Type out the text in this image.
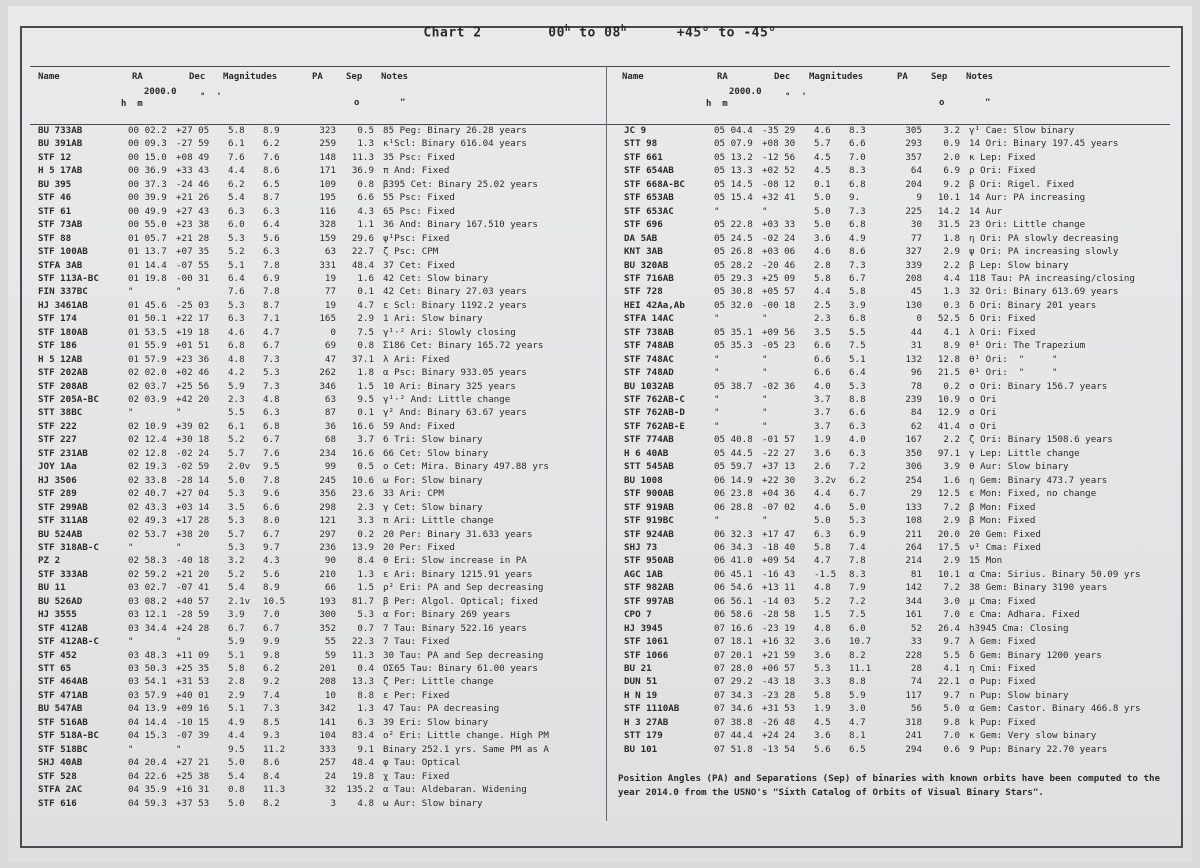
Chart 2	00$^h$ to $08^h$	+45° to -45°
Name	RA	Dec Magnitudes	PA	Sep Notes
2000.0
h  m
°  '
o	"
Name	RA	Dec Magnitudes	PA	Sep Notes
2000.0
h  m
°  '
o	"
BU 733AB	00 02.2 +27 05 5.8 8.9	323	0.5 85 Peg: Binary 26.28 years
BU 391AB	00 09.3 -27 59 6.1 6.2	259	1.3 κ¹Scl: Binary 616.04 years
STF 12	00 15.0 +08 49 7.6 7.6	148	11.3 35 Psc: Fixed
H 5 17AB	00 36.9 +33 43 4.4 8.6	171	36.9 π And: Fixed
BU 395	00 37.3 -24 46 6.2 6.5	109	0.8 β395 Cet: Binary 25.02 years
STF 46	00 39.9 +21 26 5.4 8.7	195	6.6 55 Psc: Fixed
STF 61	00 49.9 +27 43 6.3 6.3	116	4.3 65 Psc: Fixed
STF 73AB	00 55.0 +23 38 6.0 6.4	328	1.1 36 And: Binary 167.510 years
STF 88	01 05.7 +21 28 5.3 5.6	159	29.6 ψ¹Psc: Fixed
STF 100AB	01 13.7 +07 35 5.2 6.3	63	22.7 ζ Psc: CPM
STFA 3AB	01 14.4 -07 55 5.1 7.8	331	48.4 37 Cet: Fixed
STF 113A-BC	01 19.8 -00 31 6.4 6.9	19	1.6 42 Cet: Slow binary
FIN 337BC	"	"	7.6 7.8	77	0.1 42 Cet: Binary 27.03 years
HJ 3461AB	01 45.6 -25 03 5.3 8.7	19	4.7 ε Scl: Binary 1192.2 years
STF 174	01 50.1 +22 17 6.3 7.1	165	2.9 1 Ari: Slow binary
STF 180AB	01 53.5 +19 18 4.6 4.7	0	7.5 γ¹·² Ari: Slowly closing
STF 186	01 55.9 +01 51 6.8 6.7	69	0.8 Σ186 Cet: Binary 165.72 years
H 5 12AB	01 57.9 +23 36 4.8 7.3	47	37.1 λ Ari: Fixed
STF 202AB	02 02.0 +02 46 4.2 5.3	262	1.8 α Psc: Binary 933.05 years
STF 208AB	02 03.7 +25 56 5.9 7.3	346	1.5 10 Ari: Binary 325 years
STF 205A-BC	02 03.9 +42 20 2.3 4.8	63	9.5 γ¹·² And: Little change
STT 38BC	"	"	5.5 6.3	87	0.1 γ² And: Binary 63.67 years
STF 222	02 10.9 +39 02 6.1 6.8	36	16.6 59 And: Fixed
STF 227	02 12.4 +30 18 5.2 6.7	68	3.7 6 Tri: Slow binary
STF 231AB	02 12.8 -02 24 5.7 7.6	234	16.6 66 Cet: Slow binary
JOY 1Aa	02 19.3 -02 59 2.0v 9.5	99	0.5 o Cet: Mira. Binary 497.88 yrs
HJ 3506	02 33.8 -28 14 5.0 7.8	245	10.6 ω For: Slow binary
STF 289	02 40.7 +27 04 5.3 9.6	356	23.6 33 Ari: CPM
STF 299AB	02 43.3 +03 14 3.5 6.6	298	2.3 γ Cet: Slow binary
STF 311AB	02 49.3 +17 28 5.3 8.0	121	3.3 π Ari: Little change
BU 524AB	02 53.7 +38 20 5.7 6.7	297	0.2 20 Per: Binary 31.633 years
STF 318AB-C	"	"	5.3 9.7	236	13.9 20 Per: Fixed
PZ 2	02 58.3 -40 18 3.2 4.3	90	8.4 θ Eri: Slow increase in PA
STF 333AB	02 59.2 +21 20 5.2 5.6	210	1.3 ε Ari: Binary 1215.91 years
BU 11	03 02.7 -07 41 5.4 8.9	66	1.5 ρ² Eri: PA and Sep decreasing
BU 526AD	03 08.2 +40 57 2.1v 10.5	193	81.7 β Per: Algol. Optical; fixed
HJ 3555	03 12.1 -28 59 3.9 7.0	300	5.3 α For: Binary 269 years
STF 412AB	03 34.4 +24 28 6.7 6.7	352	0.7 7 Tau: Binary 522.16 years
STF 412AB-C	"	"	5.9 9.9	55	22.3 7 Tau: Fixed
STF 452	03 48.3 +11 09 5.1 9.8	59	11.3 30 Tau: PA and Sep decreasing
STT 65	03 50.3 +25 35 5.8 6.2	201	0.4 OΣ65 Tau: Binary 61.00 years
STF 464AB	03 54.1 +31 53 2.8 9.2	208	13.3 ζ Per: Little change
STF 471AB	03 57.9 +40 01 2.9 7.4	10	8.8 ε Per: Fixed
BU 547AB	04 13.9 +09 16 5.1 7.3	342	1.3 47 Tau: PA decreasing
STF 516AB	04 14.4 -10 15 4.9 8.5	141	6.3 39 Eri: Slow binary
STF 518A-BC	04 15.3 -07 39 4.4 9.3	104	83.4 o² Eri: Little change. High PM
STF 518BC	"	"	9.5 11.2	333	9.1 Binary 252.1 yrs. Same PM as A
SHJ 40AB	04 20.4 +27 21 5.0 8.6	257	48.4 φ Tau: Optical
STF 528	04 22.6 +25 38 5.4 8.4	24	19.8 χ Tau: Fixed
STFA 2AC	04 35.9 +16 31 0.8 11.3	32	135.2 α Tau: Aldebaran. Widening
STF 616	04 59.3 +37 53 5.0 8.2	3	4.8 ω Aur: Slow binary
JC 9	05 04.4 -35 29 4.6 8.3	305	3.2 γ¹ Cae: Slow binary
STT 98	05 07.9 +08 30 5.7 6.6	293	0.9 14 Ori: Binary 197.45 years
STF 661	05 13.2 -12 56 4.5 7.0	357	2.0 κ Lep: Fixed
STF 654AB	05 13.3 +02 52 4.5 8.3	64	6.9 ρ Ori: Fixed
STF 668A-BC	05 14.5 -08 12 0.1 6.8	204	9.2 β Ori: Rigel. Fixed
STF 653AB	05 15.4 +32 41 5.0 9.	9	10.1 14 Aur: PA increasing
STF 653AC	"	"	5.0 7.3	225	14.2 14 Aur
STF 696	05 22.8 +03 33 5.0 6.8	30	31.5 23 Ori: Little change
DA 5AB	05 24.5 -02 24 3.6 4.9	77	1.8 η Ori: PA slowly decreasing
KNT 3AB	05 26.8 +03 06 4.6 8.6	327	2.9 ψ Ori: PA increasing slowly
BU 320AB	05 28.2 -20 46 2.8 7.3	339	2.2 β Lep: Slow binary
STF 716AB	05 29.3 +25 09 5.8 6.7	208	4.4 118 Tau: PA increasing/closing
STF 728	05 30.8 +05 57 4.4 5.8	45	1.3 32 Ori: Binary 613.69 years
HEI 42Aa,Ab	05 32.0 -00 18 2.5 3.9	130	0.3 δ Ori: Binary 201 years
STFA 14AC	"	"	2.3 6.8	0	52.5 δ Ori: Fixed
STF 738AB	05 35.1 +09 56 3.5 5.5	44	4.1 λ Ori: Fixed
STF 748AB	05 35.3 -05 23 6.6 7.5	31	8.9 θ¹ Ori: The Trapezium
STF 748AC	"	"	6.6 5.1	132	12.8 θ¹ Ori:  "     "
STF 748AD	"	"	6.6 6.4	96	21.5 θ¹ Ori:  "     "
BU 1032AB	05 38.7 -02 36 4.0 5.3	78	0.2 σ Ori: Binary 156.7 years
STF 762AB-C	"	"	3.7 8.8	239	10.9 σ Ori
STF 762AB-D	"	"	3.7 6.6	84	12.9 σ Ori
STF 762AB-E	"	"	3.7 6.3	62	41.4 σ Ori
STF 774AB	05 40.8 -01 57 1.9 4.0	167	2.2 ζ Ori: Binary 1508.6 years
H 6 40AB	05 44.5 -22 27 3.6 6.3	350	97.1 γ Lep: Little change
STT 545AB	05 59.7 +37 13 2.6 7.2	306	3.9 θ Aur: Slow binary
BU 1008	06 14.9 +22 30 3.2v 6.2	254	1.6 η Gem: Binary 473.7 years
STF 900AB	06 23.8 +04 36 4.4 6.7	29	12.5 ε Mon: Fixed, no change
STF 919AB	06 28.8 -07 02 4.6 5.0	133	7.2 β Mon: Fixed
STF 919BC	"	"	5.0 5.3	108	2.9 β Mon: Fixed
STF 924AB	06 32.3 +17 47 6.3 6.9	211	20.0 20 Gem: Fixed
SHJ 73	06 34.3 -18 40 5.8 7.4	264	17.5 ν¹ Cma: Fixed
STF 950AB	06 41.0 +09 54 4.7 7.8	214	2.9 15 Mon
AGC 1AB	06 45.1 -16 43 -1.5 8.3	81	10.1 α Cma: Sirius. Binary 50.09 yrs
STF 982AB	06 54.6 +13 11 4.8 7.9	142	7.2 38 Gem: Binary 3190 years
STF 997AB	06 56.1 -14 03 5.2 7.2	344	3.0 μ Cma: Fixed
CPO 7	06 58.6 -28 58 1.5 7.5	161	7.0 ε Cma: Adhara. Fixed
HJ 3945	07 16.6 -23 19 4.8 6.0	52	26.4 h3945 Cma: Closing
STF 1061	07 18.1 +16 32 3.6 10.7	33	9.7 λ Gem: Fixed
STF 1066	07 20.1 +21 59 3.6 8.2	228	5.5 δ Gem: Binary 1200 years
BU 21	07 28.0 +06 57 5.3 11.1	28	4.1 η Cmi: Fixed
DUN 51	07 29.2 -43 18 3.3 8.8	74	22.1 σ Pup: Fixed
H N 19	07 34.3 -23 28 5.8 5.9	117	9.7 n Pup: Slow binary
STF 1110AB	07 34.6 +31 53 1.9 3.0	56	5.0 α Gem: Castor. Binary 466.8 yrs
H 3 27AB	07 38.8 -26 48 4.5 4.7	318	9.8 k Pup: Fixed
STT 179	07 44.4 +24 24 3.6 8.1	241	7.0 κ Gem: Very slow binary
BU 101	07 51.8 -13 54 5.6 6.5	294	0.6 9 Pup: Binary 22.70 years
Position Angles (PA) and Separations (Sep) of binaries with known orbits have been computed to the year 2014.0 from the USNO's "Sixth Catalog of Orbits of Visual Binary Stars".
